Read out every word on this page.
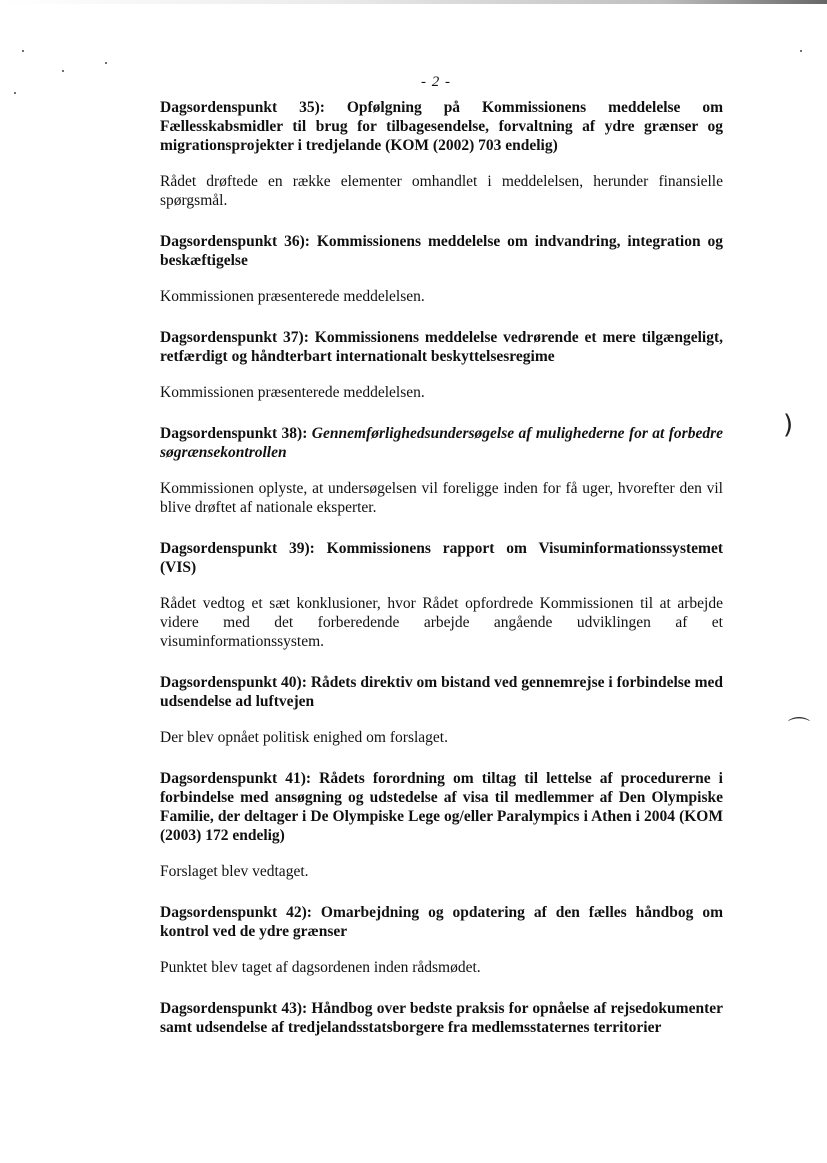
)
⌒
- 2 -

Dagsordenspunkt 35): Opfølgning på Kommissionens meddelelse om Fællesskabsmidler til brug for tilbagesendelse, forvaltning af ydre grænser og migrationsprojekter i tredjelande (KOM (2002) 703 endelig)

Rådet drøftede en række elementer omhandlet i meddelelsen, herunder finansielle spørgsmål.

Dagsordenspunkt 36): Kommissionens meddelelse om indvandring, integration og beskæftigelse

Kommissionen præsenterede meddelelsen.

Dagsordenspunkt 37): Kommissionens meddelelse vedrørende et mere tilgængeligt, retfærdigt og håndterbart internationalt beskyttelsesregime

Kommissionen præsenterede meddelelsen.

Dagsordenspunkt 38): Gennemførlighedsundersøgelse af mulighederne for at forbedre søgrænsekontrollen

Kommissionen oplyste, at undersøgelsen vil foreligge inden for få uger, hvorefter den vil blive drøftet af nationale eksperter.

Dagsordenspunkt 39): Kommissionens rapport om Visuminformationssystemet (VIS)

Rådet vedtog et sæt konklusioner, hvor Rådet opfordrede Kommissionen til at arbejde videre med det forberedende arbejde angående udviklingen af et visuminformationssystem.

Dagsordenspunkt 40): Rådets direktiv om bistand ved gennemrejse i forbindelse med udsendelse ad luftvejen

Der blev opnået politisk enighed om forslaget.

Dagsordenspunkt 41): Rådets forordning om tiltag til lettelse af procedurerne i forbindelse med ansøgning og udstedelse af visa til medlemmer af Den Olympiske Familie, der deltager i De Olympiske Lege og/eller Paralympics i Athen i 2004 (KOM (2003) 172 endelig)

Forslaget blev vedtaget.

Dagsordenspunkt 42): Omarbejdning og opdatering af den fælles håndbog om kontrol ved de ydre grænser

Punktet blev taget af dagsordenen inden rådsmødet.

Dagsordenspunkt 43): Håndbog over bedste praksis for opnåelse af rejsedokumenter samt udsendelse af tredjelandsstatsborgere fra medlemsstaternes territorier
